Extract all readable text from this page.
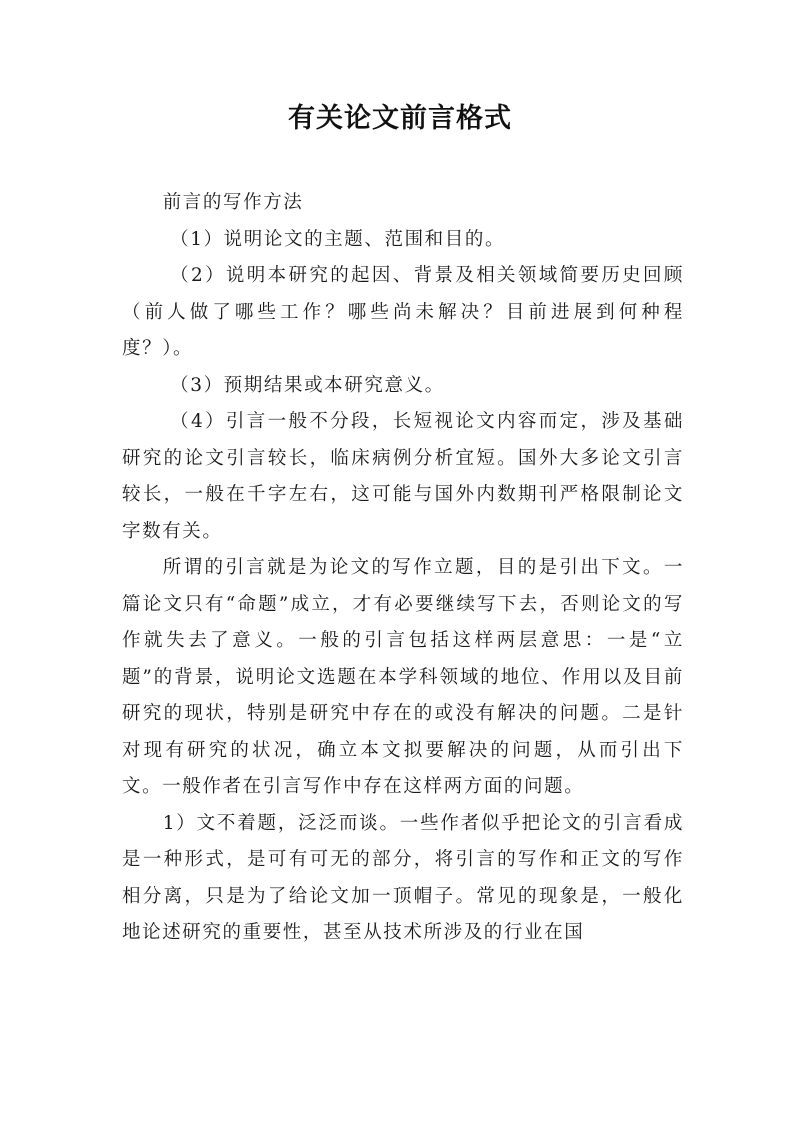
有关论文前言格式

前言的写作方法

（1）说明论文的主题、范围和目的。

（2）说明本研究的起因、背景及相关领域简要历史回顾（前人做了哪些工作？哪些尚未解决？目前进展到何种程度？）。

（3）预期结果或本研究意义。

（4）引言一般不分段，长短视论文内容而定，涉及基础研究的论文引言较长，临床病例分析宜短。国外大多论文引言较长，一般在千字左右，这可能与国外内数期刊严格限制论文字数有关。

所谓的引言就是为论文的写作立题，目的是引出下文。一篇论文只有“命题”成立，才有必要继续写下去，否则论文的写作就失去了意义。一般的引言包括这样两层意思：一是“立题”的背景，说明论文选题在本学科领域的地位、作用以及目前研究的现状，特别是研究中存在的或没有解决的问题。二是针对现有研究的状况，确立本文拟要解决的问题，从而引出下文。一般作者在引言写作中存在这样两方面的问题。

1）文不着题，泛泛而谈。一些作者似乎把论文的引言看成是一种形式，是可有可无的部分，将引言的写作和正文的写作相分离，只是为了给论文加一顶帽子。常见的现象是，一般化地论述研究的重要性，甚至从技术所涉及的行业在国
